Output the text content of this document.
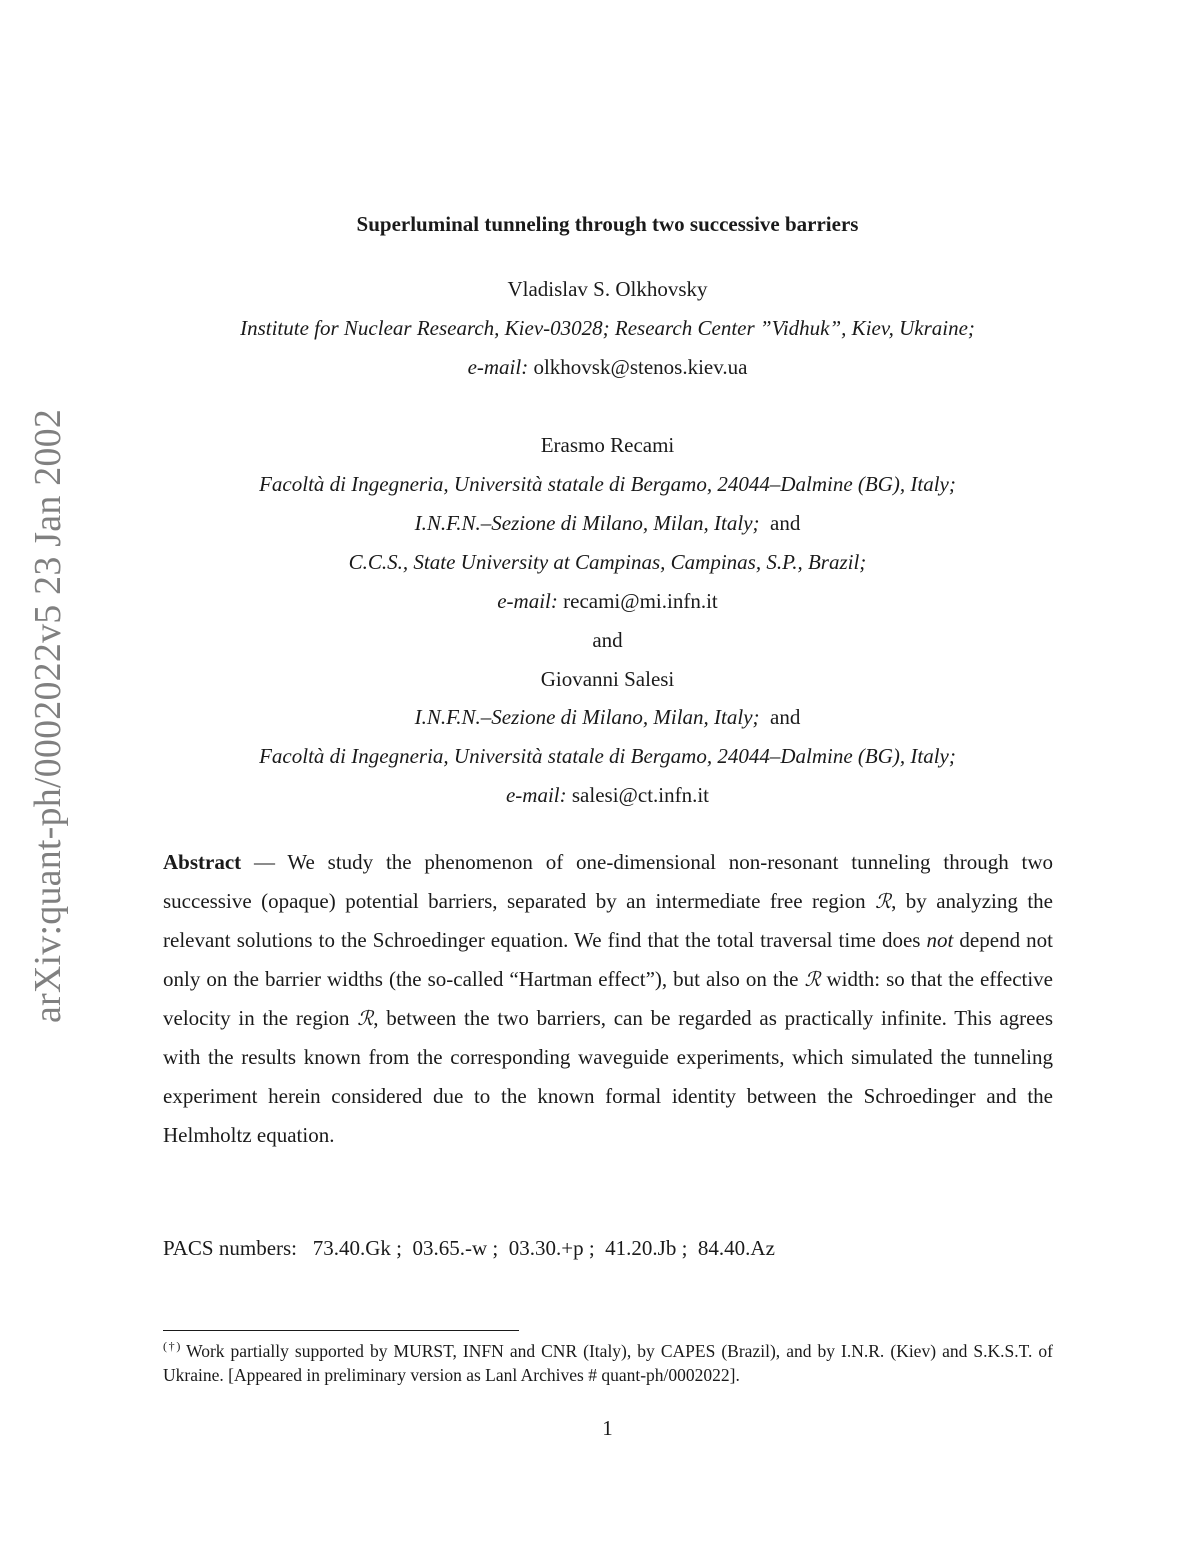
arXiv:quant-ph/0002022v5 23 Jan 2002
Superluminal tunneling through two successive barriers
Vladislav S. Olkhovsky
Institute for Nuclear Research, Kiev-03028; Research Center ”Vidhuk”, Kiev, Ukraine;
e-mail: olkhovsk@stenos.kiev.ua
Erasmo Recami
Facoltà di Ingegneria, Università statale di Bergamo, 24044–Dalmine (BG), Italy;
I.N.F.N.–Sezione di Milano, Milan, Italy; and
C.C.S., State University at Campinas, Campinas, S.P., Brazil;
e-mail: recami@mi.infn.it
and
Giovanni Salesi
I.N.F.N.–Sezione di Milano, Milan, Italy; and
Facoltà di Ingegneria, Università statale di Bergamo, 24044–Dalmine (BG), Italy;
e-mail: salesi@ct.infn.it
Abstract — We study the phenomenon of one-dimensional non-resonant tunneling through two successive (opaque) potential barriers, separated by an intermediate free region ℛ, by analyzing the relevant solutions to the Schroedinger equation. We find that the total traversal time does not depend not only on the barrier widths (the so-called “Hartman effect”), but also on the ℛ width: so that the effective velocity in the region ℛ, between the two barriers, can be regarded as practically infinite. This agrees with the results known from the corresponding waveguide experiments, which simulated the tunneling experiment herein considered due to the known formal identity between the Schroedinger and the Helmholtz equation.
PACS numbers:   73.40.Gk ;  03.65.-w ;  03.30.+p ;  41.20.Jb ;  84.40.Az
(†) Work partially supported by MURST, INFN and CNR (Italy), by CAPES (Brazil), and by I.N.R. (Kiev) and S.K.S.T. of Ukraine. [Appeared in preliminary version as Lanl Archives # quant-ph/0002022].
1
